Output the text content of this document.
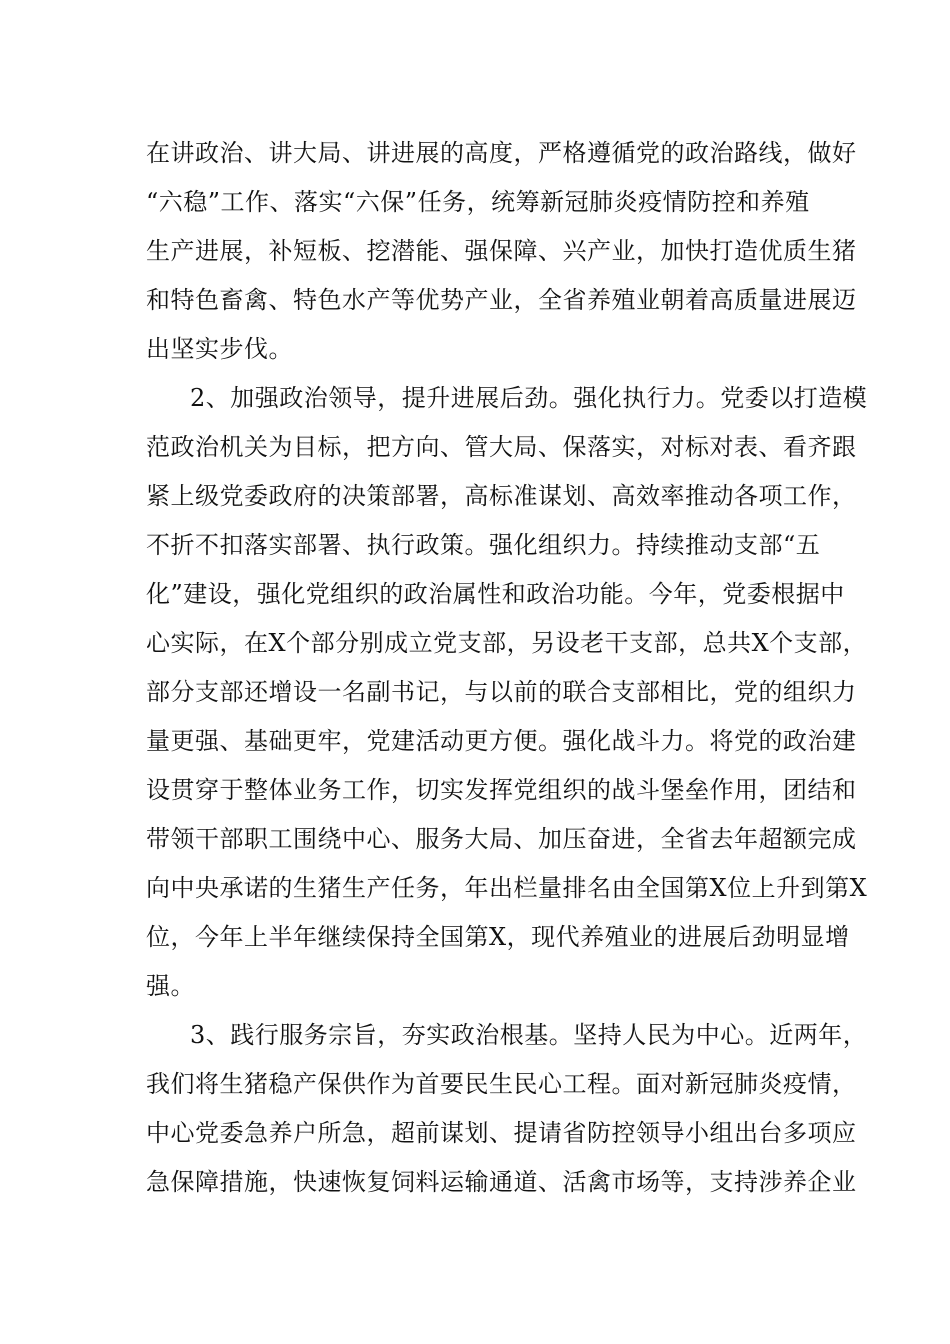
在讲政治、讲大局、讲进展的高度，严格遵循党的政治路线，做好
“六稳”工作、落实“六保”任务，统筹新冠肺炎疫情防控和养殖
生产进展，补短板、挖潜能、强保障、兴产业，加快打造优质生猪
和特色畜禽、特色水产等优势产业，全省养殖业朝着高质量进展迈
出坚实步伐。
2、加强政治领导，提升进展后劲。强化执行力。党委以打造模
范政治机关为目标，把方向、管大局、保落实，对标对表、看齐跟
紧上级党委政府的决策部署，高标准谋划、高效率推动各项工作，
不折不扣落实部署、执行政策。强化组织力。持续推动支部“五
化”建设，强化党组织的政治属性和政治功能。今年，党委根据中
心实际，在X个部分别成立党支部，另设老干支部，总共X个支部，
部分支部还增设一名副书记，与以前的联合支部相比，党的组织力
量更强、基础更牢，党建活动更方便。强化战斗力。将党的政治建
设贯穿于整体业务工作，切实发挥党组织的战斗堡垒作用，团结和
带领干部职工围绕中心、服务大局、加压奋进，全省去年超额完成
向中央承诺的生猪生产任务，年出栏量排名由全国第X位上升到第X
位，今年上半年继续保持全国第X，现代养殖业的进展后劲明显增
强。
3、践行服务宗旨，夯实政治根基。坚持人民为中心。近两年，
我们将生猪稳产保供作为首要民生民心工程。面对新冠肺炎疫情，
中心党委急养户所急，超前谋划、提请省防控领导小组出台多项应
急保障措施，快速恢复饲料运输通道、活禽市场等，支持涉养企业
